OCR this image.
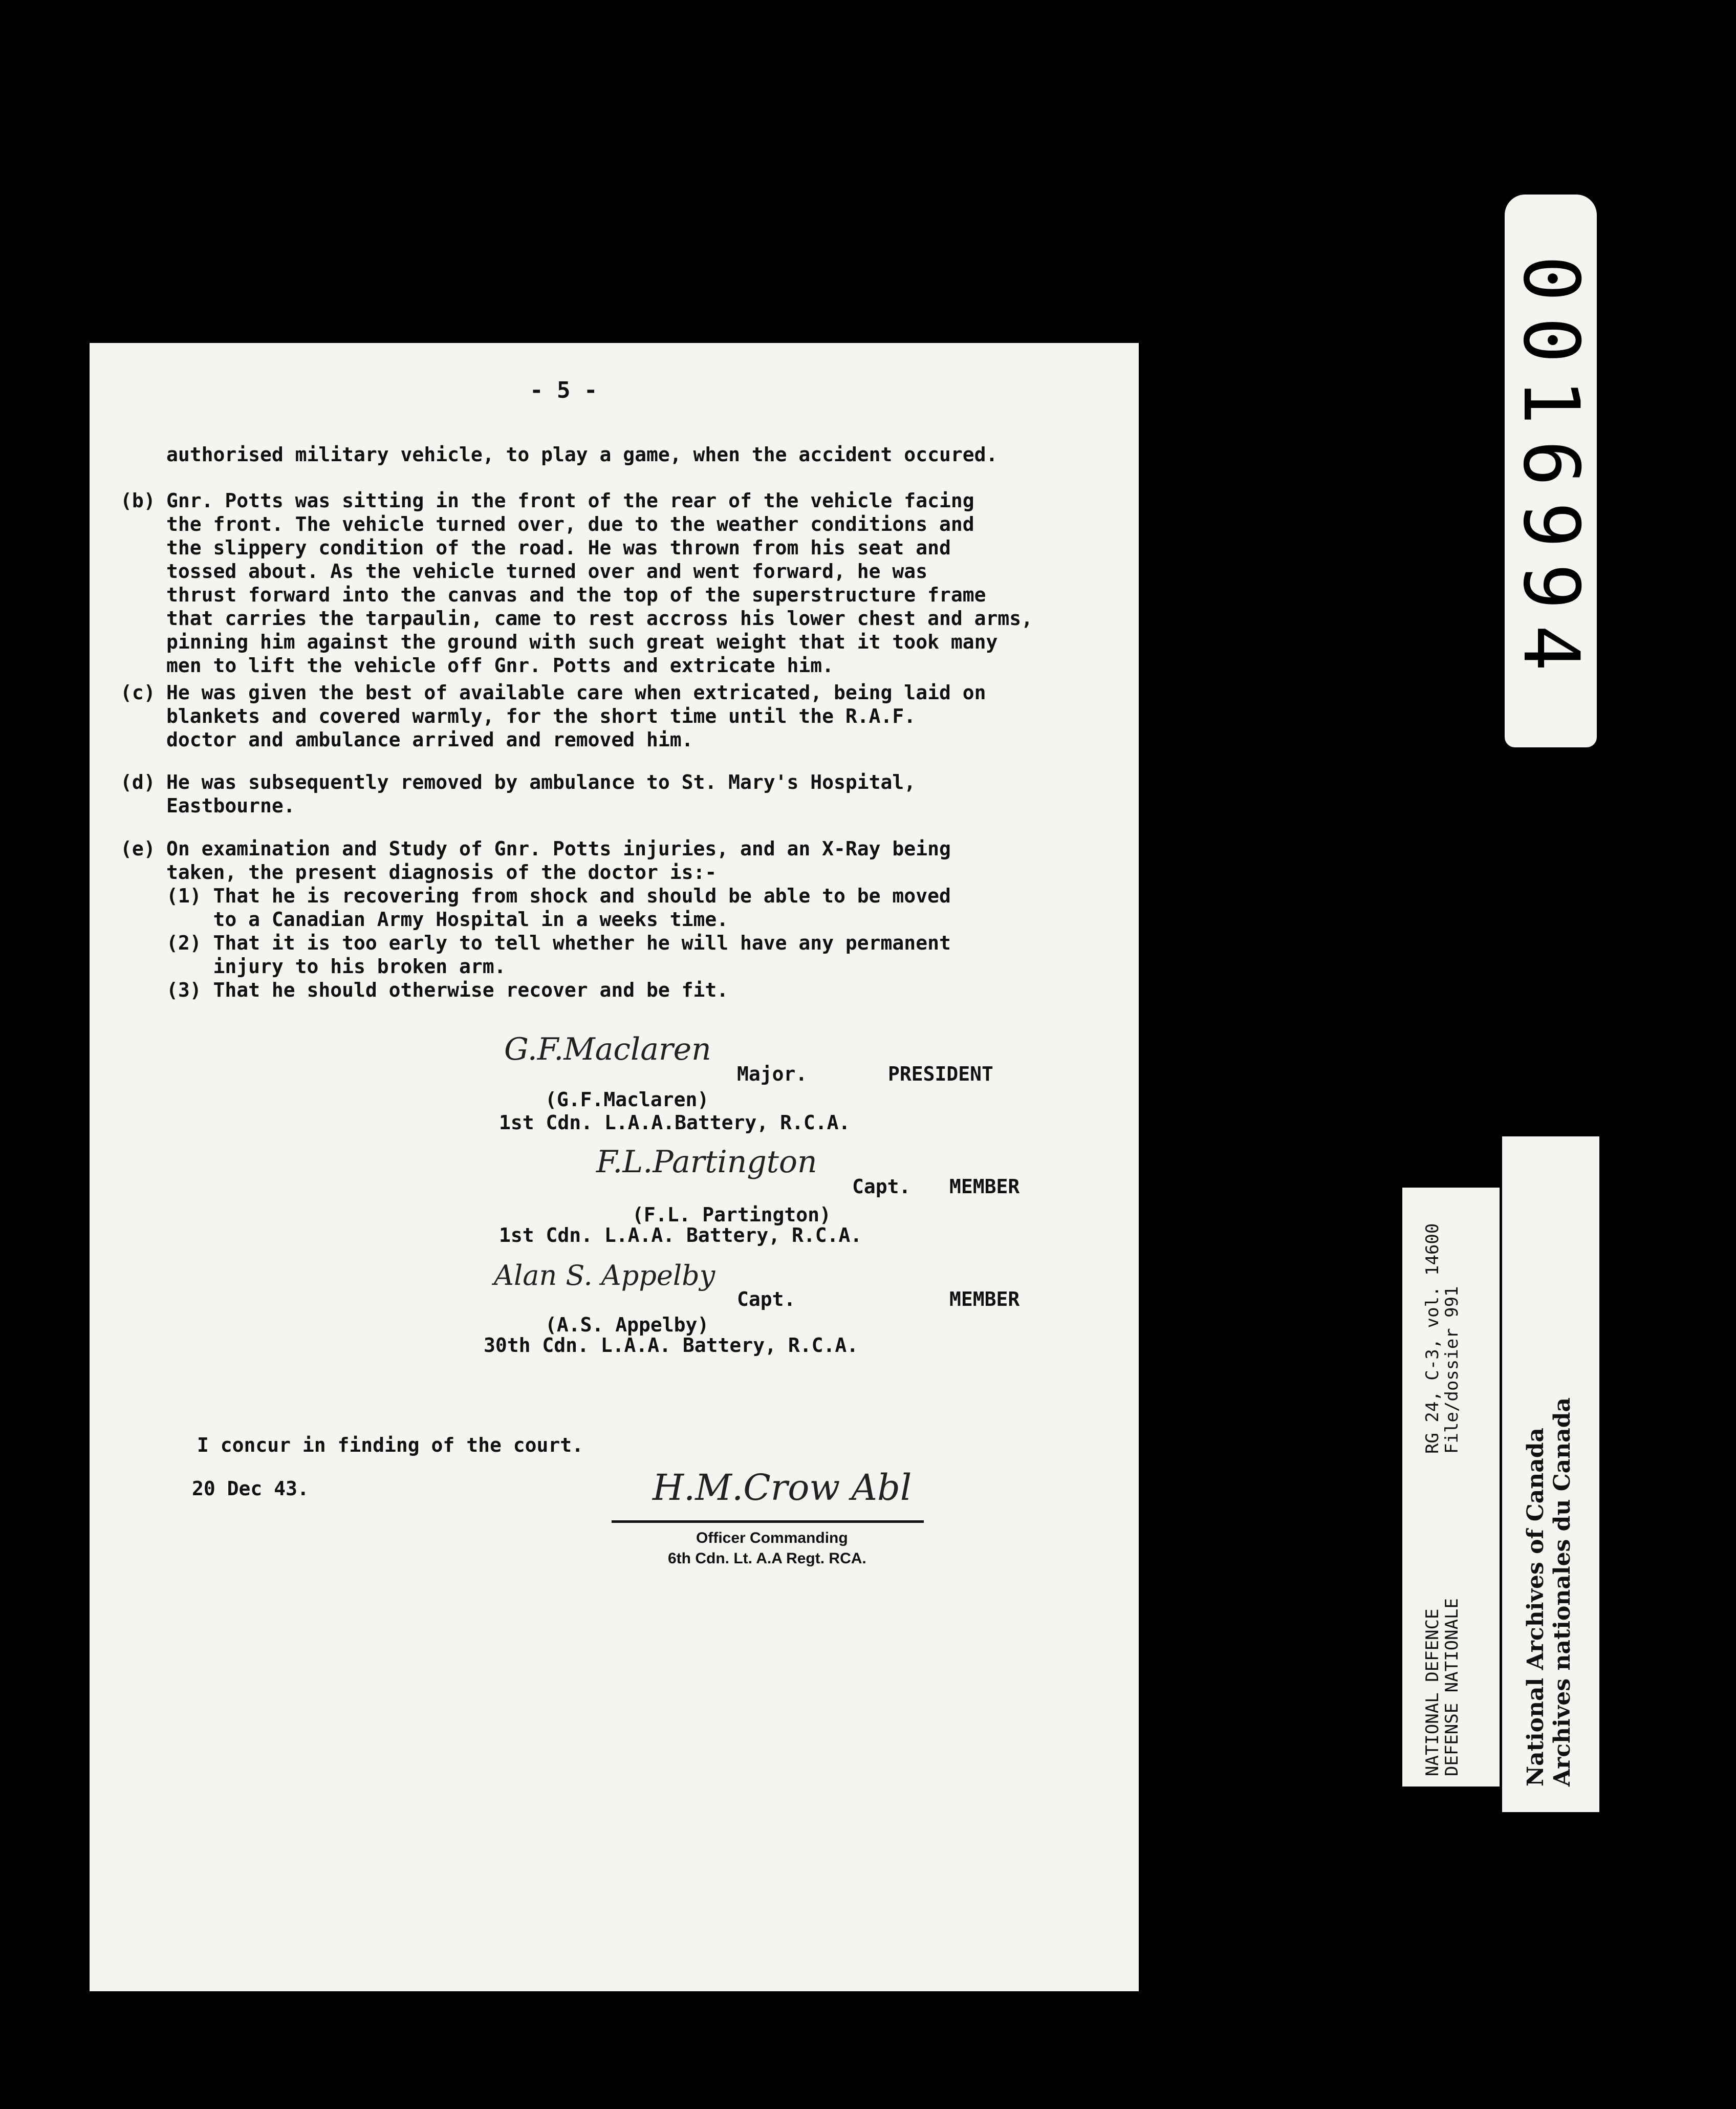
- 5 -
authorised military vehicle, to play a game, when the accident occured.
(b) Gnr. Potts was sitting in the front of the rear of the vehicle facing
the front. The vehicle turned over, due to the weather conditions and
the slippery condition of the road. He was thrown from his seat and
tossed about. As the vehicle turned over and went forward, he was
thrust forward into the canvas and the top of the superstructure frame
that carries the tarpaulin, came to rest accross his lower chest and arms,
pinning him against the ground with such great weight that it took many
men to lift the vehicle off Gnr. Potts and extricate him.
(c) He was given the best of available care when extricated, being laid on
blankets and covered warmly, for the short time until the R.A.F.
doctor and ambulance arrived and removed him.
(d) He was subsequently removed by ambulance to St. Mary's Hospital,
Eastbourne.
(e) On examination and Study of Gnr. Potts injuries, and an X-Ray being
taken, the present diagnosis of the doctor is:-
(1) That he is recovering from shock and should be able to be moved
to a Canadian Army Hospital in a weeks time.
(2) That it is too early to tell whether he will have any permanent
injury to his broken arm.
(3) That he should otherwise recover and be fit.
G.F.Maclaren
Major.	PRESIDENT
(G.F.Maclaren)
1st Cdn. L.A.A.Battery, R.C.A.
F.L.Partington
Capt. MEMBER
(F.L. Partington)
1st Cdn. L.A.A. Battery, R.C.A.
Alan S. Appelby
Capt.	MEMBER
(A.S. Appelby)
30th Cdn. L.A.A. Battery, R.C.A.
I concur in finding of the court.
20 Dec 43.	H.M.Crow Abl
Officer Commanding
6th Cdn. Lt. A.A Regt. RCA.
0016994
NATIONAL DEFENCE
DEFENSE NATIONALE
RG 24, C-3, vol. 14600
File/dossier 991
National Archives of Canada
Archives nationales du Canada
